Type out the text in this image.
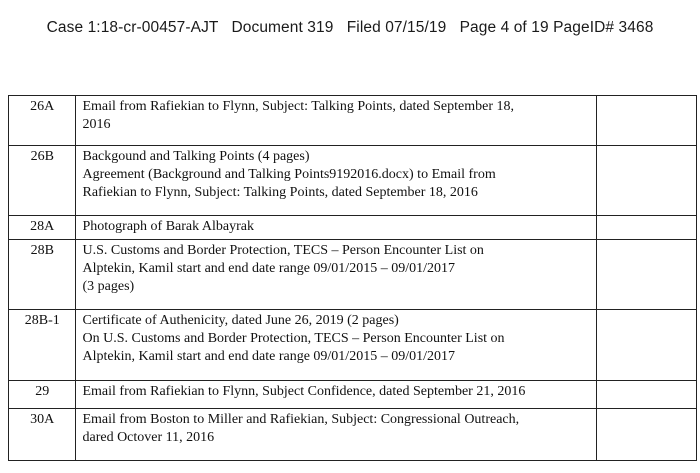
Case 1:18-cr-00457-AJT Document 319 Filed 07/15/19 Page 4 of 19 PageID# 3468
26A	Email from Rafiekian to Flynn, Subject: Talking Points, dated September 18,
2016	

26B	Backgound and Talking Points (4 pages)
Agreement (Background and Talking Points9192016.docx) to Email from
Rafiekian to Flynn, Subject: Talking Points, dated September 18, 2016	

28A	Photograph of Barak Albayrak	

28B	U.S. Customs and Border Protection, TECS – Person Encounter List on
Alptekin, Kamil start and end date range 09/01/2015 – 09/01/2017
(3 pages)	

28B-1	Certificate of Authenicity, dated June 26, 2019 (2 pages)
On U.S. Customs and Border Protection, TECS – Person Encounter List on
Alptekin, Kamil start and end date range 09/01/2015 – 09/01/2017	

29	Email from Rafiekian to Flynn, Subject Confidence, dated September 21, 2016	

30A	Email from Boston to Miller and Rafiekian, Subject: Congressional Outreach,
dared Octover 11, 2016	
